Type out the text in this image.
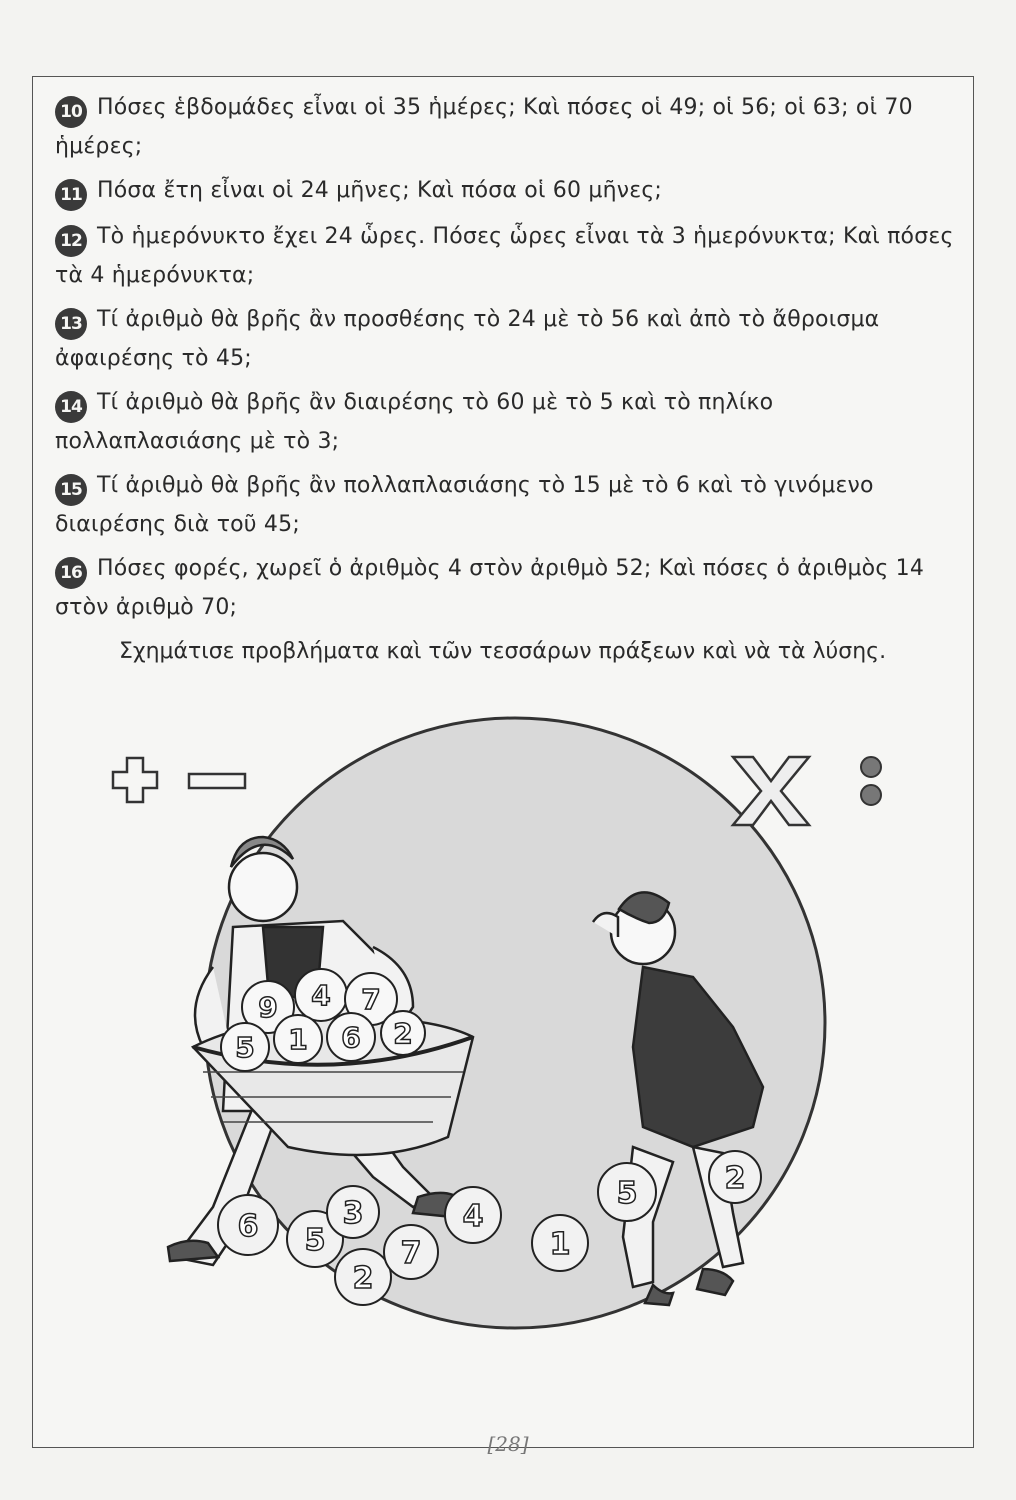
10 Πόσες ἑβδομάδες εἶναι οἱ 35 ἡμέρες; Καὶ πόσες οἱ 49; οἱ 56; οἱ 63; οἱ 70 ἡμέρες;
11 Πόσα ἔτη εἶναι οἱ 24 μῆνες; Καὶ πόσα οἱ 60 μῆνες;
12 Τὸ ἡμερόνυκτο ἔχει 24 ὧρες. Πόσες ὧρες εἶναι τὰ 3 ἡμερόνυκτα; Καὶ πόσες τὰ 4 ἡμερόνυκτα;
13 Τί ἀριθμὸ θὰ βρῆς ἂν προσθέσης τὸ 24 μὲ τὸ 56 καὶ ἀπὸ τὸ ἄθροισμα ἀφαιρέσης τὸ 45;
14 Τί ἀριθμὸ θὰ βρῆς ἂν διαιρέσης τὸ 60 μὲ τὸ 5 καὶ τὸ πηλίκο πολλαπλασιάσης μὲ τὸ 3;
15 Τί ἀριθμὸ θὰ βρῆς ἂν πολλαπλασιάσης τὸ 15 μὲ τὸ 6 καὶ τὸ γινόμενο διαιρέσης διὰ τοῦ 45;
16 Πόσες φορές, χωρεῖ ὁ ἀριθμὸς 4 στὸν ἀριθμὸ 52; Καὶ πόσες ὁ ἀριθμὸς 14 στὸν ἀριθμὸ 70;
Σχημάτισε προβλήματα καὶ τῶν τεσσάρων πράξεων καὶ νὰ τὰ λύσης.
9 4 7
5 1 6 2
6 5
3
2
7
4
1
5	2
[28]
